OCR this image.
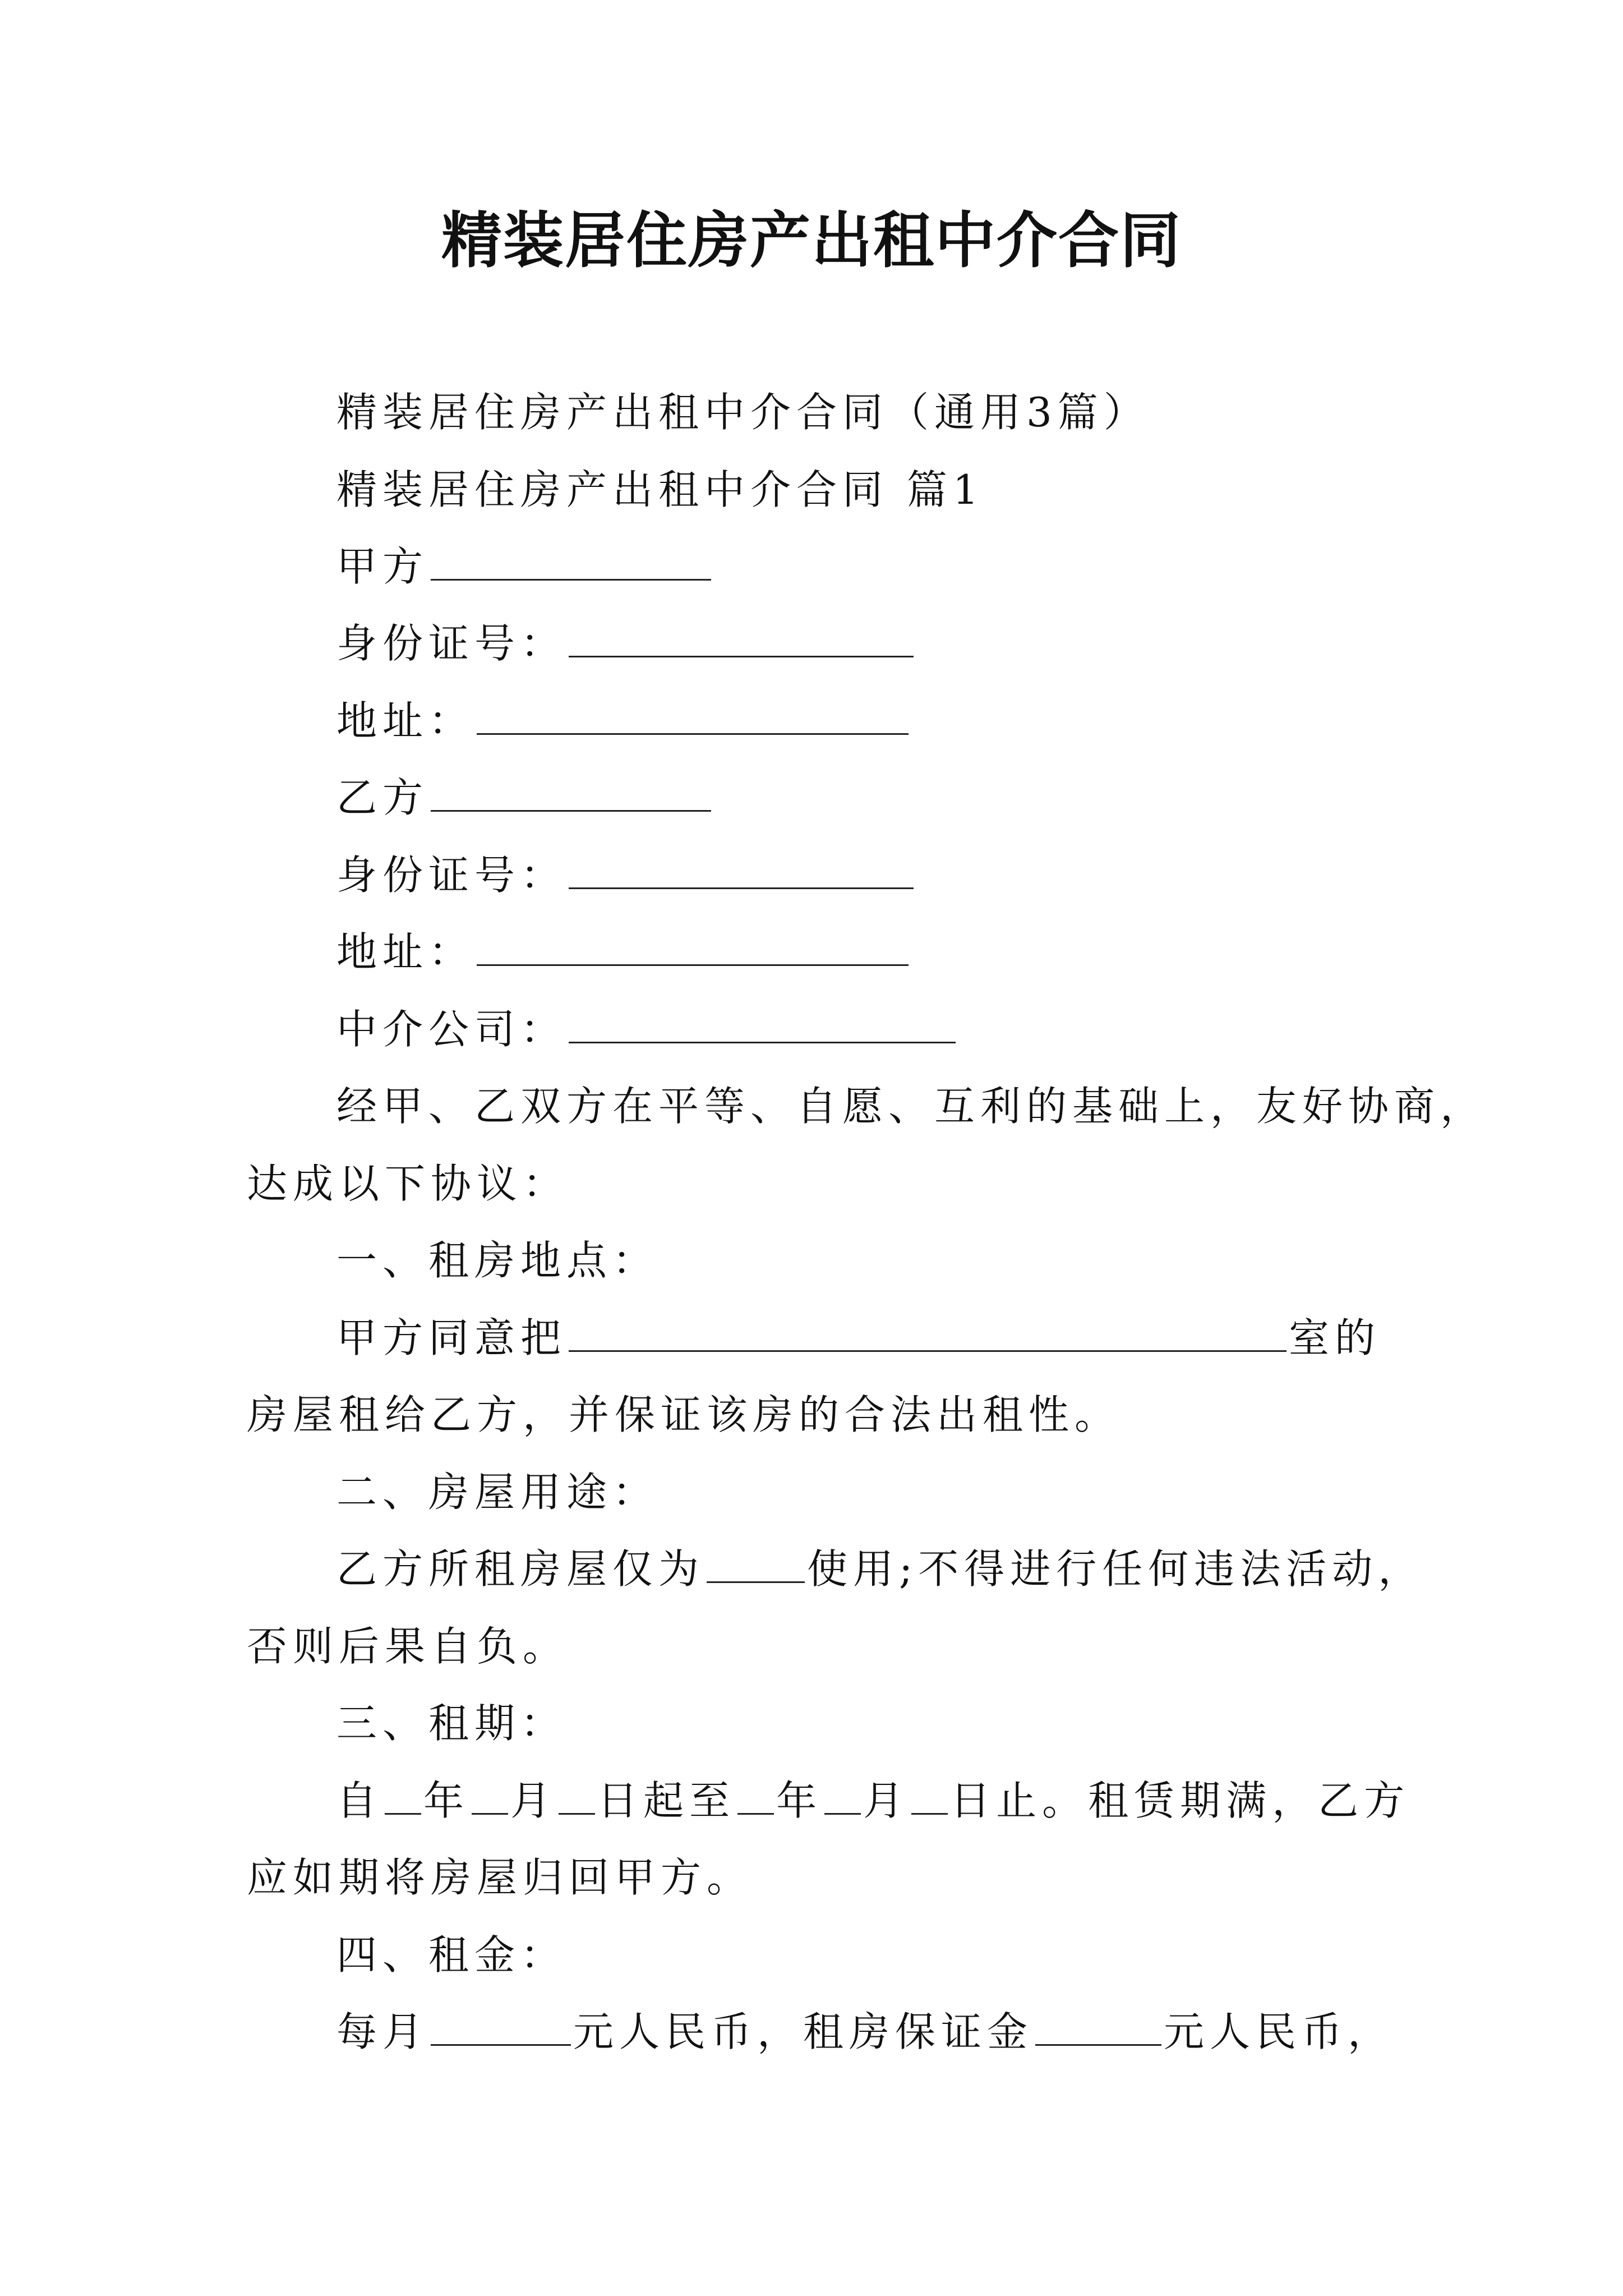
精装居住房产出租中介合同
精装居住房产出租中介合同（通用3篇）
精装居住房产出租中介合同 篇1
甲方
身份证号：
地址：
乙方
身份证号：
地址：
中介公司：
经甲、乙双方在平等、自愿、互利的基础上，友好协商，
达成以下协议：
一、租房地点：
甲方同意把	室的
房屋租给乙方，并保证该房的合法出租性。
二、房屋用途：
乙方所租房屋仅为	使用;不得进行任何违法活动，
否则后果自负。
三、租期：
自 年 月 日起至 年 月 日止。租赁期满，乙方
应如期将房屋归回甲方。
四、租金：
每月	元人民币，租房保证金	元人民币，
